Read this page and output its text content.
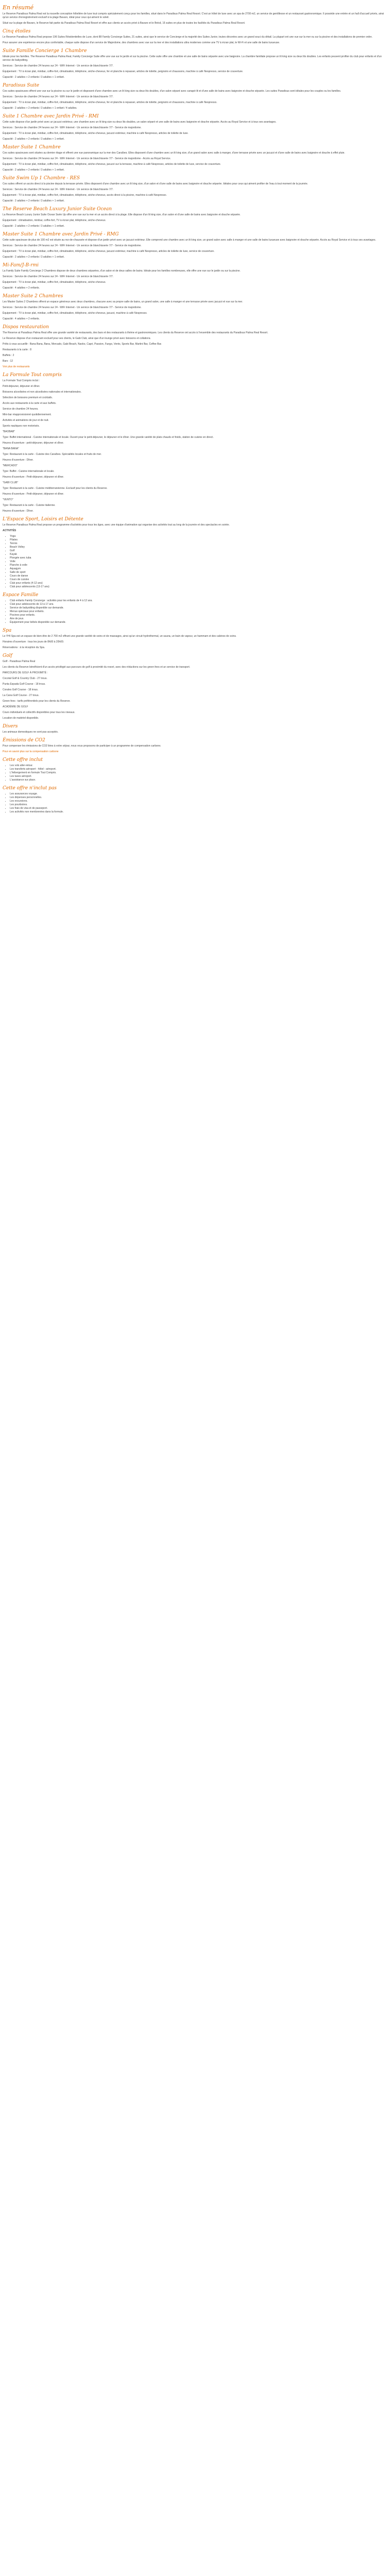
En résumé

Le Reserve Paradisus Palma Real est la nouvelle conception hôtelière de luxe tout compris spécialement conçu pour les familles, situé dans le Paradisus Palma Real Resort. C'est un hôtel de luxe avec un spa de 2700 m2, un service de gentillesse et un restaurant gastronomique. Il possède une entrée et un hall d'accueil privés, ainsi qu'un service d'enregistrement exclusif à la plage Bavaro, idéal pour ceux qui aiment le soleil.

Situé sur la plage de Bavaro, le Reserve fait partie du Paradisus Palma Real Resort et offre aux clients un accès privé à Bavaro et le Brésil, 15 suites en plus de toutes les facilités du Paradisus Palma Real Resort.

Cinq étoiles

Le Reserve Paradisus Palma Real propose 196 Suites Résidentielles de Luxe, dont 88 Family Concierge Suites, 21 suites, ainsi que le service de Concierge et la majorité des Suites Junior, toutes décorées avec un grand souci du détail. La plupart ont une vue sur la mer ou sur la piscine et des installations de premier ordre.

Pour assurer une expérience encore plus confortable, chaque suite dispose d'un service de Majordome, des chambres avec vue sur la mer et des installations ultra modernes comme une TV à écran plat, le Wi-Fi et une salle de bains luxueuse.

Suite Famille Concierge 1 Chambre

Idéale pour les familles. The Reserve Paradisus Palma Real, Family Concierge Suite offre une vue sur le jardin et sur la piscine. Cette suite offre une chambre et une salle de bains séparée avec une baignoire. La chambre familiale propose un lit king size ou deux lits doubles. Les enfants peuvent profiter du club pour enfants et d'un service de babysitting.

Services : Service de chambre 24 heures sur 24 - WiFi Internet - Un service de blanchisserie 7/7.

Équipement : TV à écran plat, minibar, coffre-fort, climatisation, téléphone, sèche-cheveux, fer et planche à repasser, articles de toilette, peignoirs et chaussons, machine à café Nespresso, service de couverture.

Capacité : 2 adultes + 2 enfants / 3 adultes + 1 enfant.

Paradisus Suite

Ces suites spacieuses offrent une vue sur la piscine ou sur le jardin et disposent d'une chambre avec un lit king size ou deux lits doubles, d'un salon séparé avec canapé-lit et d'une salle de bains avec baignoire et douche séparée. Les suites Paradisus sont idéales pour les couples ou les familles.

Services : Service de chambre 24 heures sur 24 - WiFi Internet - Un service de blanchisserie 7/7.

Équipement : TV à écran plat, minibar, coffre-fort, climatisation, téléphone, sèche-cheveux, fer et planche à repasser, articles de toilette, peignoirs et chaussons, machine à café Nespresso.

Capacité : 2 adultes + 2 enfants / 3 adultes + 1 enfant / 4 adultes.

Suite 1 Chambre avec Jardin Privé - RMI

Cette suite dispose d'un jardin privé avec un jacuzzi extérieur, une chambre avec un lit king size ou deux lits doubles, un salon séparé et une salle de bains avec baignoire et douche séparée. Accès au Royal Service et à tous ses avantages.

Services : Service de chambre 24 heures sur 24 - WiFi Internet - Un service de blanchisserie 7/7 - Service de majordome.

Équipement : TV à écran plat, minibar, coffre-fort, climatisation, téléphone, sèche-cheveux, jacuzzi extérieur, machine à café Nespresso, articles de toilette de luxe.

Capacité : 2 adultes + 2 enfants / 3 adultes + 1 enfant.

Master Suite 1 Chambre

Ces suites spacieuses sont situées au dernier étage et offrent une vue panoramique sur la mer des Caraïbes. Elles disposent d'une chambre avec un lit king size, d'un grand salon avec salle à manger, d'une terrasse privée avec un jacuzzi et d'une salle de bains avec baignoire et douche à effet pluie.

Services : Service de chambre 24 heures sur 24 - WiFi Internet - Un service de blanchisserie 7/7 - Service de majordome - Accès au Royal Service.

Équipement : TV à écran plat, minibar, coffre-fort, climatisation, téléphone, sèche-cheveux, jacuzzi sur la terrasse, machine à café Nespresso, articles de toilette de luxe, service de couverture.

Capacité : 2 adultes + 2 enfants / 3 adultes + 1 enfant.

Suite Swim Up 1 Chambre - RES

Ces suites offrent un accès direct à la piscine depuis la terrasse privée. Elles disposent d'une chambre avec un lit king size, d'un salon et d'une salle de bains avec baignoire et douche séparée. Idéales pour ceux qui aiment profiter de l'eau à tout moment de la journée.

Services : Service de chambre 24 heures sur 24 - WiFi Internet - Un service de blanchisserie 7/7.

Équipement : TV à écran plat, minibar, coffre-fort, climatisation, téléphone, sèche-cheveux, accès direct à la piscine, machine à café Nespresso.

Capacité : 2 adultes + 2 enfants / 3 adultes + 1 enfant.

The Reserve Beach Luxury Junior Suite Ocean

La Reserve Beach Luxury Junior Suite Ocean Swim Up offre une vue sur la mer et un accès direct à la plage. Elle dispose d'un lit king size, d'un salon et d'une salle de bains avec baignoire et douche séparée.

Équipement : climatisation, minibar, coffre-fort, TV à écran plat, téléphone, sèche-cheveux.

Capacité : 2 adultes + 2 enfants / 3 adultes + 1 enfant.

Master Suite 1 Chambre avec Jardin Privé - RMG

Cette suite spacieuse de plus de 100 m2 est située au rez-de-chaussée et dispose d'un jardin privé avec un jacuzzi extérieur. Elle comprend une chambre avec un lit king size, un grand salon avec salle à manger et une salle de bains luxueuse avec baignoire et douche séparée. Accès au Royal Service et à tous ses avantages.

Services : Service de chambre 24 heures sur 24 - WiFi Internet - Un service de blanchisserie 7/7 - Service de majordome.

Équipement : TV à écran plat, minibar, coffre-fort, climatisation, téléphone, sèche-cheveux, jacuzzi extérieur, machine à café Nespresso, articles de toilette de luxe, service de couverture.

Capacité : 2 adultes + 2 enfants / 3 adultes + 1 enfant.

Mi-Fam/J-B-rmi

La Family Suite Family Concierge 2 Chambres dispose de deux chambres séparées, d'un salon et de deux salles de bains. Idéale pour les familles nombreuses, elle offre une vue sur le jardin ou sur la piscine.

Services : Service de chambre 24 heures sur 24 - WiFi Internet - Un service de blanchisserie 7/7.

Équipement : TV à écran plat, minibar, coffre-fort, climatisation, téléphone, sèche-cheveux.

Capacité : 4 adultes + 2 enfants.

Master Suite 2 Chambres

Les Master Suites 2 Chambres offrent un espace généreux avec deux chambres, chacune avec sa propre salle de bains, un grand salon, une salle à manger et une terrasse privée avec jacuzzi et vue sur la mer.

Services : Service de chambre 24 heures sur 24 - WiFi Internet - Un service de blanchisserie 7/7 - Service de majordome.

Équipement : TV à écran plat, minibar, coffre-fort, climatisation, téléphone, sèche-cheveux, jacuzzi, machine à café Nespresso.

Capacité : 4 adultes + 2 enfants.

Dispos restauration

The Reserve at Paradisus Palma Real offre une grande variété de restaurants, des bars et des restaurants à thème et gastronomiques. Les clients du Reserve ont accès à l'ensemble des restaurants du Paradisus Palma Real Resort.

Le Reserve dispose d'un restaurant exclusif pour ses clients, le Gabi Club, ainsi que d'un lounge privé avec boissons et collations.

Prêts à vous accueillir : Bana Bana, Bana, Mercado, Gabi Beach, Naoko, Capri, Passion, Fuego, Vento, Sports Bar, Martini Bar, Coffee Bar.

Restaurants à la carte : 8

Buffets : 2

Bars : 12

Voir plus de restaurants

La Formule Tout compris

La Formule Tout Compris inclut :

Petit-déjeuner, déjeuner et dîner.

Boissons alcoolisées et non alcoolisées nationales et internationales.

Sélection de boissons premium et cocktails.

Accès aux restaurants à la carte et aux buffets.

Service de chambre 24 heures.

Mini-bar réapprovisionné quotidiennement.

Activités et animations de jour et de nuit.

Sports nautiques non motorisés.

"BAOBAB"

Type: Buffet international - Cuisine internationale et locale. Ouvert pour le petit-déjeuner, le déjeuner et le dîner. Une grande variété de plats chauds et froids, station de cuisine en direct.

Heures d'ouverture : petit-déjeuner, déjeuner et dîner.

"BANA BANA"

Type: Restaurant à la carte - Cuisine des Caraïbes. Spécialités locales et fruits de mer.

Heures d'ouverture : Dîner.

"MERCADO"

Type: Buffet - Cuisine internationale et locale.

Heures d'ouverture : Petit-déjeuner, déjeuner et dîner.

"GABI CLUB"

Type: Restaurant à la carte - Cuisine méditerranéenne. Exclusif pour les clients du Reserve.

Heures d'ouverture : Petit-déjeuner, déjeuner et dîner.

"VENTO"

Type: Restaurant à la carte - Cuisine italienne.

Heures d'ouverture : Dîner.

L'Espace Sport, Loisirs et Détente

Le Reserve Paradisus Palma Real propose un programme d'activités pour tous les âges, avec une équipe d'animation qui organise des activités tout au long de la journée et des spectacles en soirée.

ACTIVITÉS

• Yoga
• Pilates
• Tennis
• Beach Volley
• Golf
• Kayak
• Plongée avec tuba
• Voile
• Planche à voile
• Aquagym
• Salle de sport
• Cours de danse
• Cours de cuisine
• Club pour enfants (4-12 ans)
• Club pour adolescents (13-17 ans)
Espace Famille
• Club enfants Family Concierge : activités pour les enfants de 4 à 12 ans.
• Club pour adolescents de 13 à 17 ans.
• Service de babysitting disponible sur demande.
• Menus spéciaux pour enfants.
• Piscines pour enfants.
• Aire de jeux.
• Équipement pour bébés disponible sur demande.
Spa

Le YHI Spa est un espace de bien-être de 2 700 m2 offrant une grande variété de soins et de massages, ainsi qu'un circuit hydrothermal, un sauna, un bain de vapeur, un hammam et des cabines de soins.

Horaires d'ouverture : tous les jours de 8h00 à 20h00.

Réservations : à la réception du Spa.

Golf

Golf - Paradisus Palma Real

Les clients du Reserve bénéficient d'un accès privilégié aux parcours de golf à proximité du resort, avec des réductions sur les green fees et un service de transport.

PARCOURS DE GOLF À PROXIMITÉ :

Cocotal Golf & Country Club - 27 trous.

Punta Espada Golf Course - 18 trous.

Corales Golf Course - 18 trous.

La Cana Golf Course - 27 trous.

Green fees : tarifs préférentiels pour les clients du Reserve.

ACADÉMIE DE GOLF

Cours individuels et collectifs disponibles pour tous les niveaux.

Location de matériel disponible.

Divers

Les animaux domestiques ne sont pas acceptés.

Émissions de CO2

Pour compenser les émissions de CO2 liées à votre séjour, nous vous proposons de participer à un programme de compensation carbone.

Pour en savoir plus sur la compensation carbone

Cette offre inclut
• Les vols aller-retour.
• Les transferts aéroport - hôtel - aéroport.
• L'hébergement en formule Tout Compris.
• Les taxes aéroport.
• L'assistance sur place.
Cette offre n'inclut pas
• Les assurances voyage.
• Les dépenses personnelles.
• Les excursions.
• Les pourboires.
• Les frais de visa et de passeport.
• Les activités non mentionnées dans la formule.
